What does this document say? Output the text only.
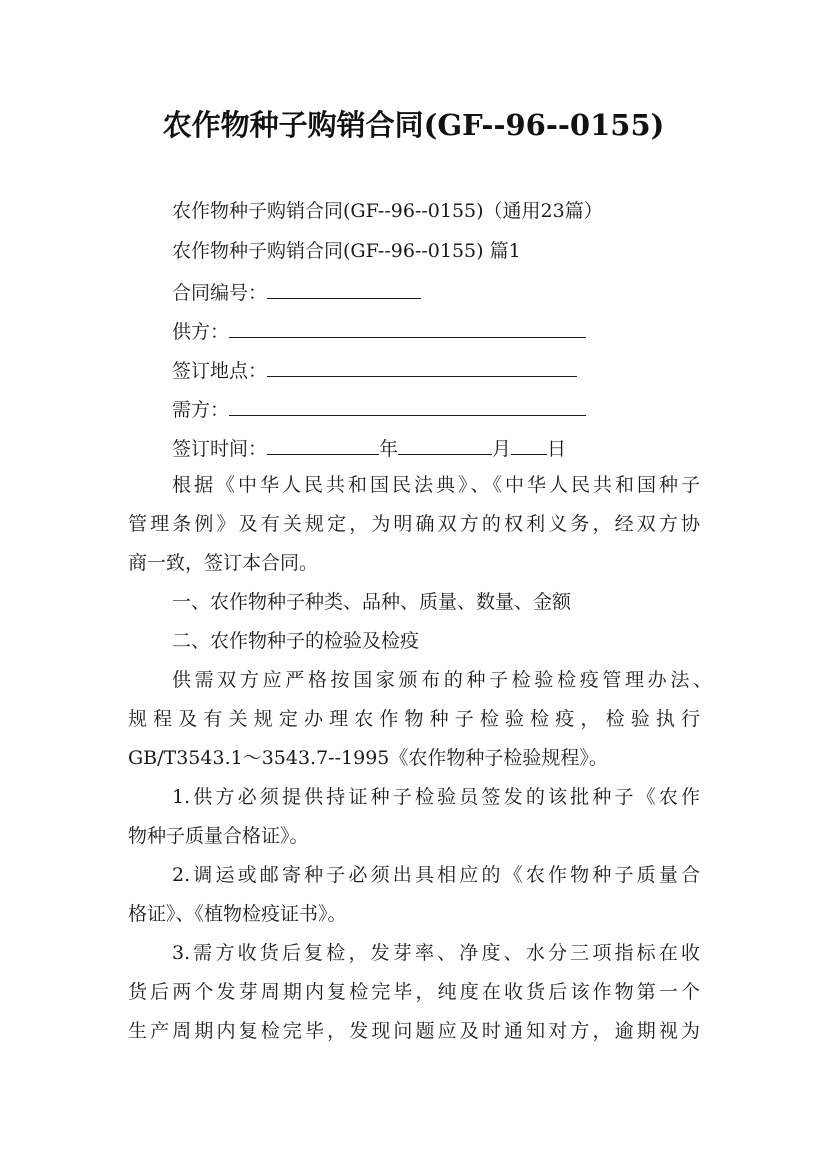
农作物种子购销合同(GF--96--0155)
农作物种子购销合同(GF--96--0155)（通用23篇）
农作物种子购销合同(GF--96--0155) 篇1
合同编号：
供方：
签订地点：
需方：
签订时间：	年	月 日
根据《中华人民共和国民法典》、《中华人民共和国种子
管理条例》及有关规定，为明确双方的权利义务，经双方协
商一致，签订本合同。
一、农作物种子种类、品种、质量、数量、金额
二、农作物种子的检验及检疫
供需双方应严格按国家颁布的种子检验检疫管理办法、
规程及有关规定办理农作物种子检验检疫，检验执行
GB/T3543.1～3543.7--1995《农作物种子检验规程》。
1.供方必须提供持证种子检验员签发的该批种子《农作
物种子质量合格证》。
2.调运或邮寄种子必须出具相应的《农作物种子质量合
格证》、《植物检疫证书》。
3.需方收货后复检，发芽率、净度、水分三项指标在收
货后两个发芽周期内复检完毕，纯度在收货后该作物第一个
生产周期内复检完毕，发现问题应及时通知对方，逾期视为
